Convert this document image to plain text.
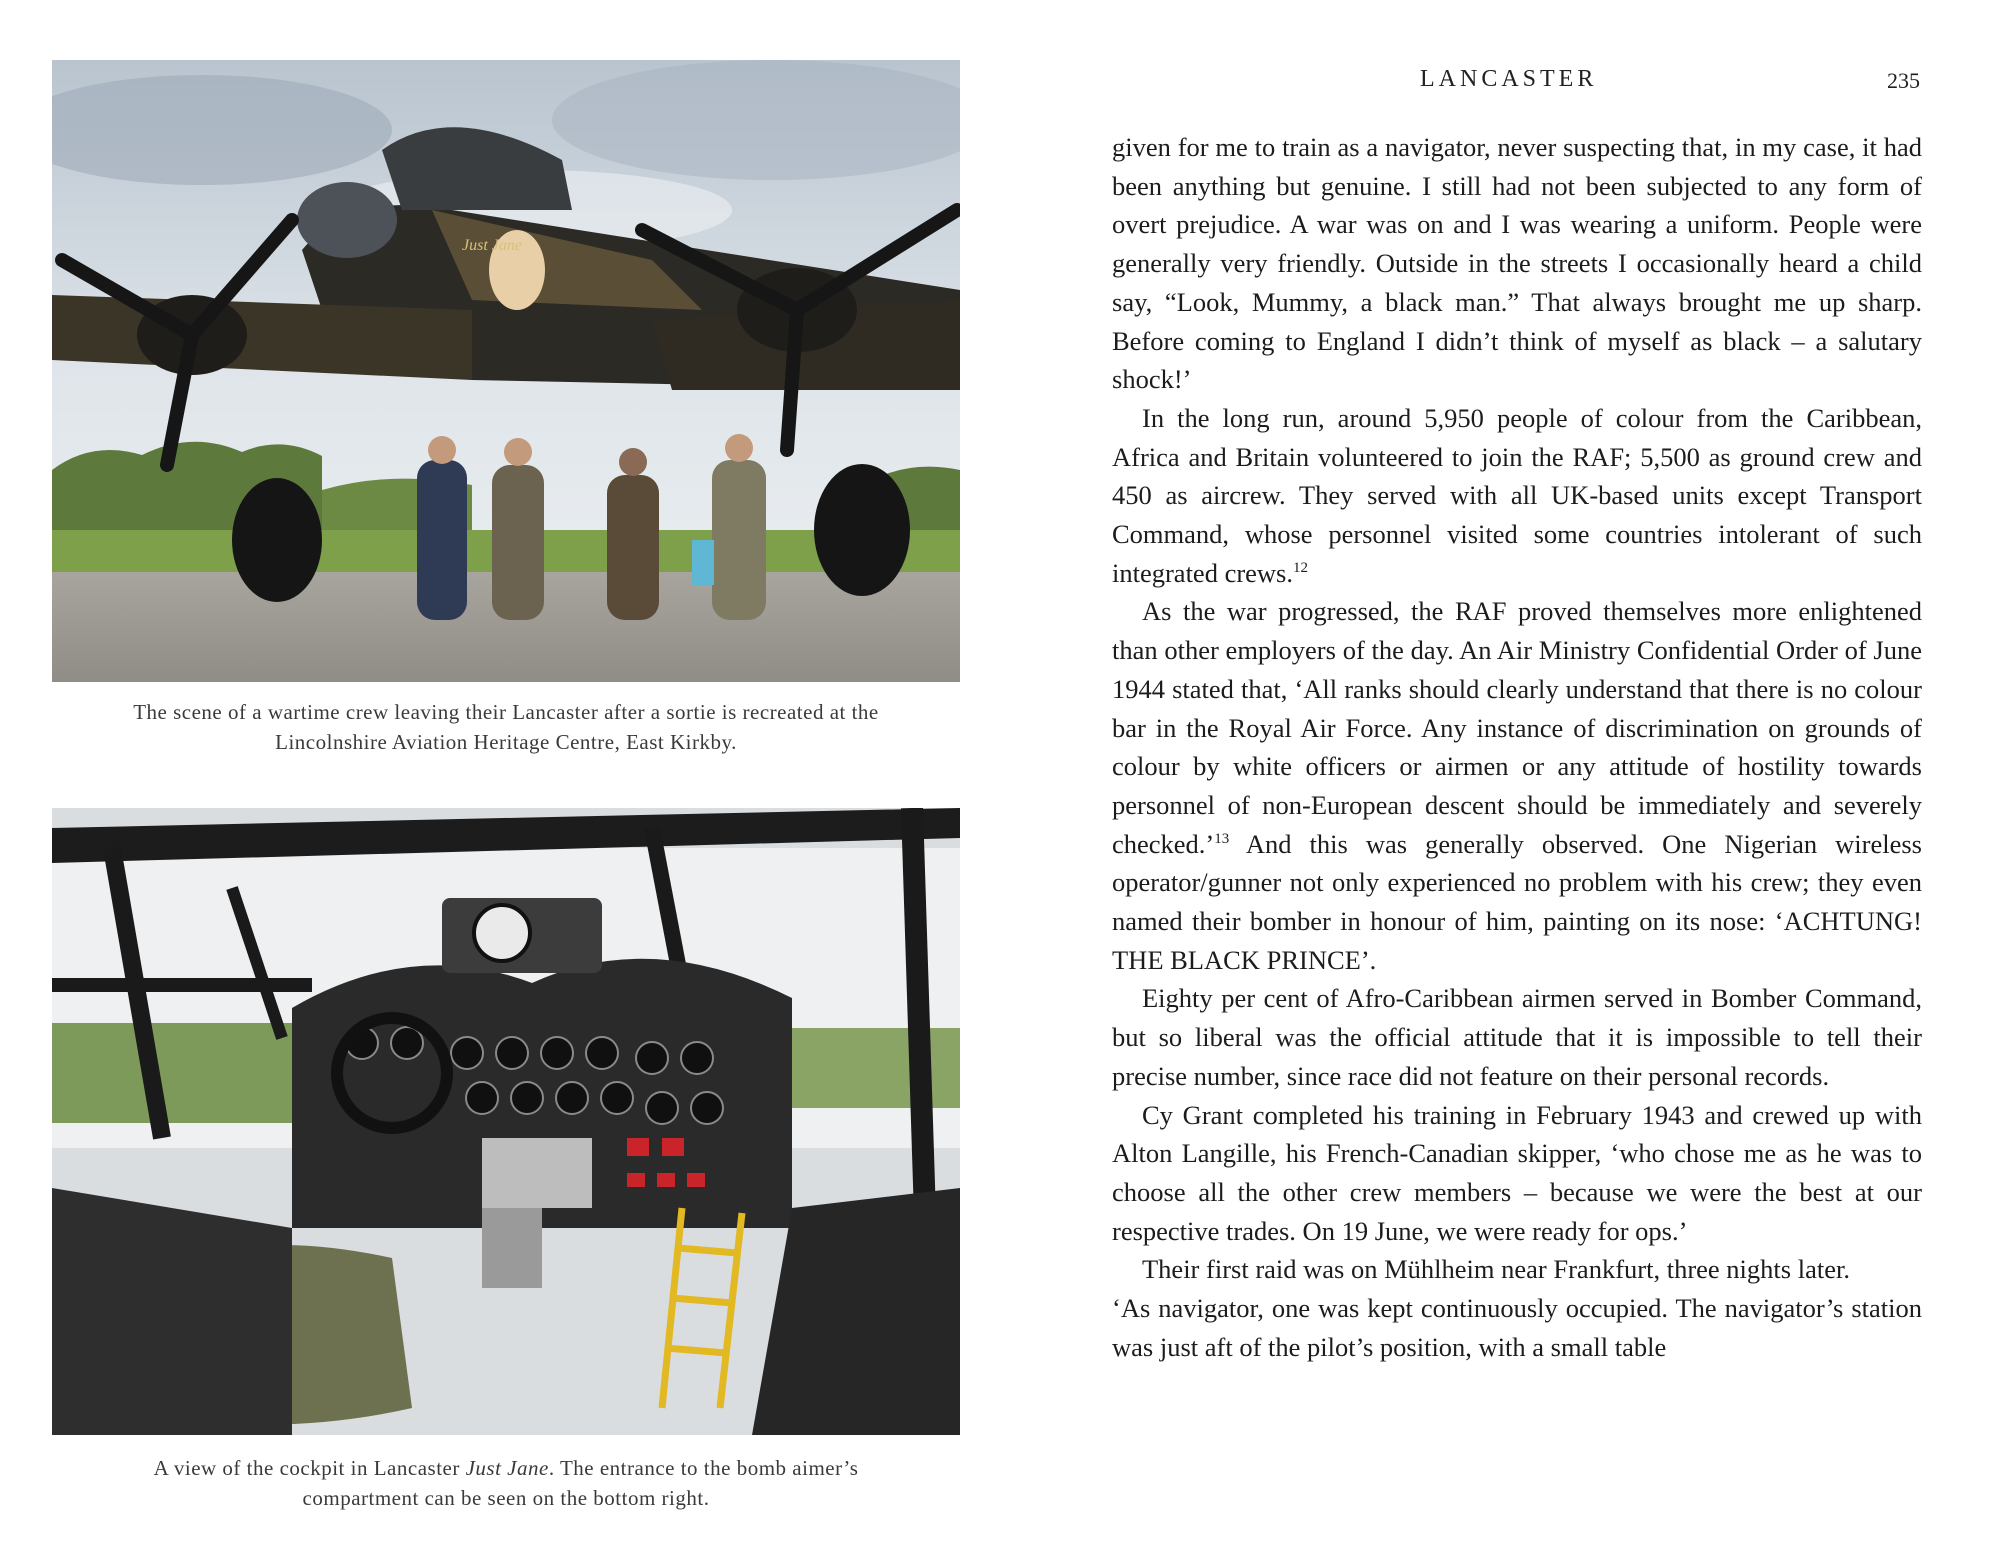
Just Jane
The scene of a wartime crew leaving their Lancaster after a sortie is recreated at the
Lincolnshire Aviation Heritage Centre, East Kirkby.
A view of the cockpit in Lancaster Just Jane. The entrance to the bomb aimer’s
compartment can be seen on the bottom right.
LANCASTER	235

given for me to train as a navigator, never suspecting that, in my case, it had been anything but genuine. I still had not been subjected to any form of overt prejudice. A war was on and I was wearing a uniform. People were generally very friendly. Outside in the streets I occasionally heard a child say, “Look, Mummy, a black man.” That always brought me up sharp. Before coming to England I didn’t think of myself as black – a salutary shock!’

In the long run, around 5,950 people of colour from the Caribbean, Africa and Britain volunteered to join the RAF; 5,500 as ground crew and 450 as aircrew. They served with all UK-based units except Transport Command, whose personnel visited some countries intolerant of such integrated crews.$^{12}$

As the war progressed, the RAF proved themselves more enlightened than other employers of the day. An Air Ministry Confidential Order of June 1944 stated that, ‘All ranks should clearly understand that there is no colour bar in the Royal Air Force. Any instance of discrimination on grounds of colour by white officers or airmen or any attitude of hostility towards personnel of non-European descent should be immediately and severely checked.’$^{13}$ And this was generally observed. One Nigerian wireless operator/gunner not only experienced no problem with his crew; they even named their bomber in honour of him, painting on its nose: ‘ACHTUNG! THE BLACK PRINCE’.

Eighty per cent of Afro-Caribbean airmen served in Bomber Command, but so liberal was the official attitude that it is impossible to tell their precise number, since race did not feature on their personal records.

Cy Grant completed his training in February 1943 and crewed up with Alton Langille, his French-Canadian skipper, ‘who chose me as he was to choose all the other crew members – because we were the best at our respective trades. On 19 June, we were ready for ops.’

Their first raid was on Mühlheim near Frankfurt, three nights later.

‘As navigator, one was kept continuously occupied. The navigator’s station was just aft of the pilot’s position, with a small table
